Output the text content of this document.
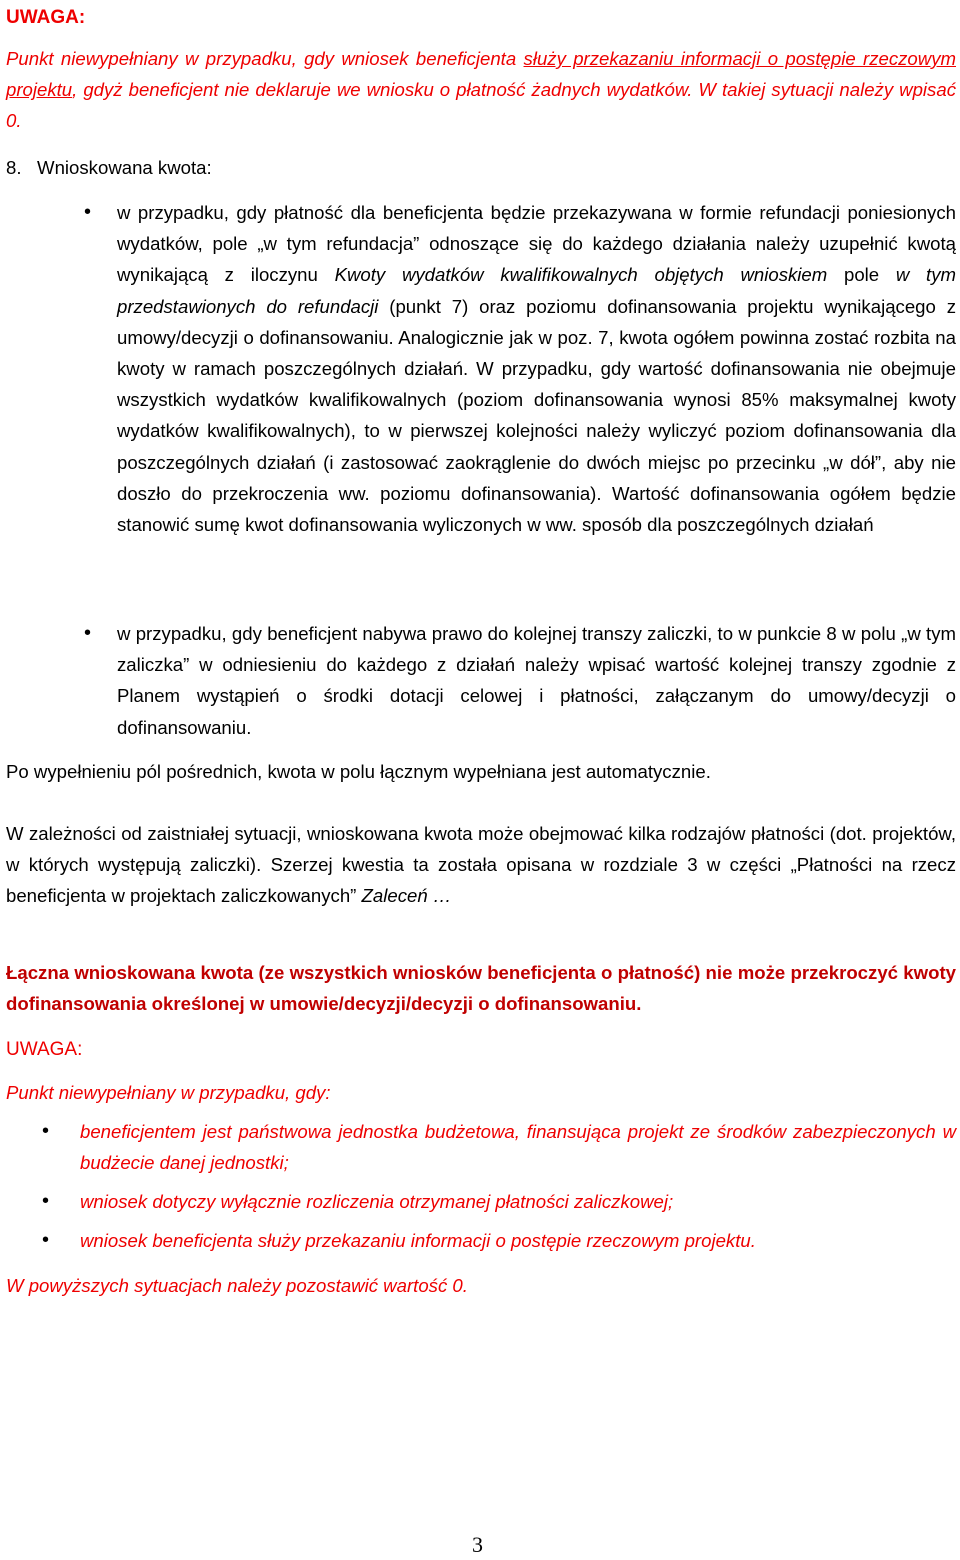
UWAGA:

Punkt niewypełniany w przypadku, gdy wniosek beneficjenta służy przekazaniu informacji o postępie rzeczowym projektu, gdyż beneficjent nie deklaruje we wniosku o płatność żadnych wydatków. W takiej sytuacji należy wpisać 0.

8. Wnioskowana kwota:

• w przypadku, gdy płatność dla beneficjenta będzie przekazywana w formie refundacji poniesionych wydatków, pole „w tym refundacja” odnoszące się do każdego działania należy uzupełnić kwotą wynikającą z iloczynu Kwoty wydatków kwalifikowalnych objętych wnioskiem pole w tym przedstawionych do refundacji (punkt 7) oraz poziomu dofinansowania projektu wynikającego z umowy/decyzji o dofinansowaniu. Analogicznie jak w poz. 7, kwota ogółem powinna zostać rozbita na kwoty w ramach poszczególnych działań. W przypadku, gdy wartość dofinansowania nie obejmuje wszystkich wydatków kwalifikowalnych (poziom dofinansowania wynosi 85% maksymalnej kwoty wydatków kwalifikowalnych), to w pierwszej kolejności należy wyliczyć poziom dofinansowania dla poszczególnych działań (i zastosować zaokrąglenie do dwóch miejsc po przecinku „w dół”, aby nie doszło do przekroczenia ww. poziomu dofinansowania). Wartość dofinansowania ogółem będzie stanowić sumę kwot dofinansowania wyliczonych w ww. sposób dla poszczególnych działań

• w przypadku, gdy beneficjent nabywa prawo do kolejnej transzy zaliczki, to w punkcie 8 w polu „w tym zaliczka” w odniesieniu do każdego z działań należy wpisać wartość kolejnej transzy zgodnie z Planem wystąpień o środki dotacji celowej i płatności, załączanym do umowy/decyzji o dofinansowaniu.

Po wypełnieniu pól pośrednich, kwota w polu łącznym wypełniana jest automatycznie.

W zależności od zaistniałej sytuacji, wnioskowana kwota może obejmować kilka rodzajów płatności (dot. projektów, w których występują zaliczki). Szerzej kwestia ta została opisana w rozdziale 3 w części „Płatności na rzecz beneficjenta w projektach zaliczkowanych” Zaleceń …

Łączna wnioskowana kwota (ze wszystkich wniosków beneficjenta o płatność) nie może przekroczyć kwoty dofinansowania określonej w umowie/decyzji/decyzji o dofinansowaniu.

UWAGA:

Punkt niewypełniany w przypadku, gdy:

• beneficjentem jest państwowa jednostka budżetowa, finansująca projekt ze środków zabezpieczonych w budżecie danej jednostki;

• wniosek dotyczy wyłącznie rozliczenia otrzymanej płatności zaliczkowej;

• wniosek beneficjenta służy przekazaniu informacji o postępie rzeczowym projektu.

W powyższych sytuacjach należy pozostawić wartość 0.

3
